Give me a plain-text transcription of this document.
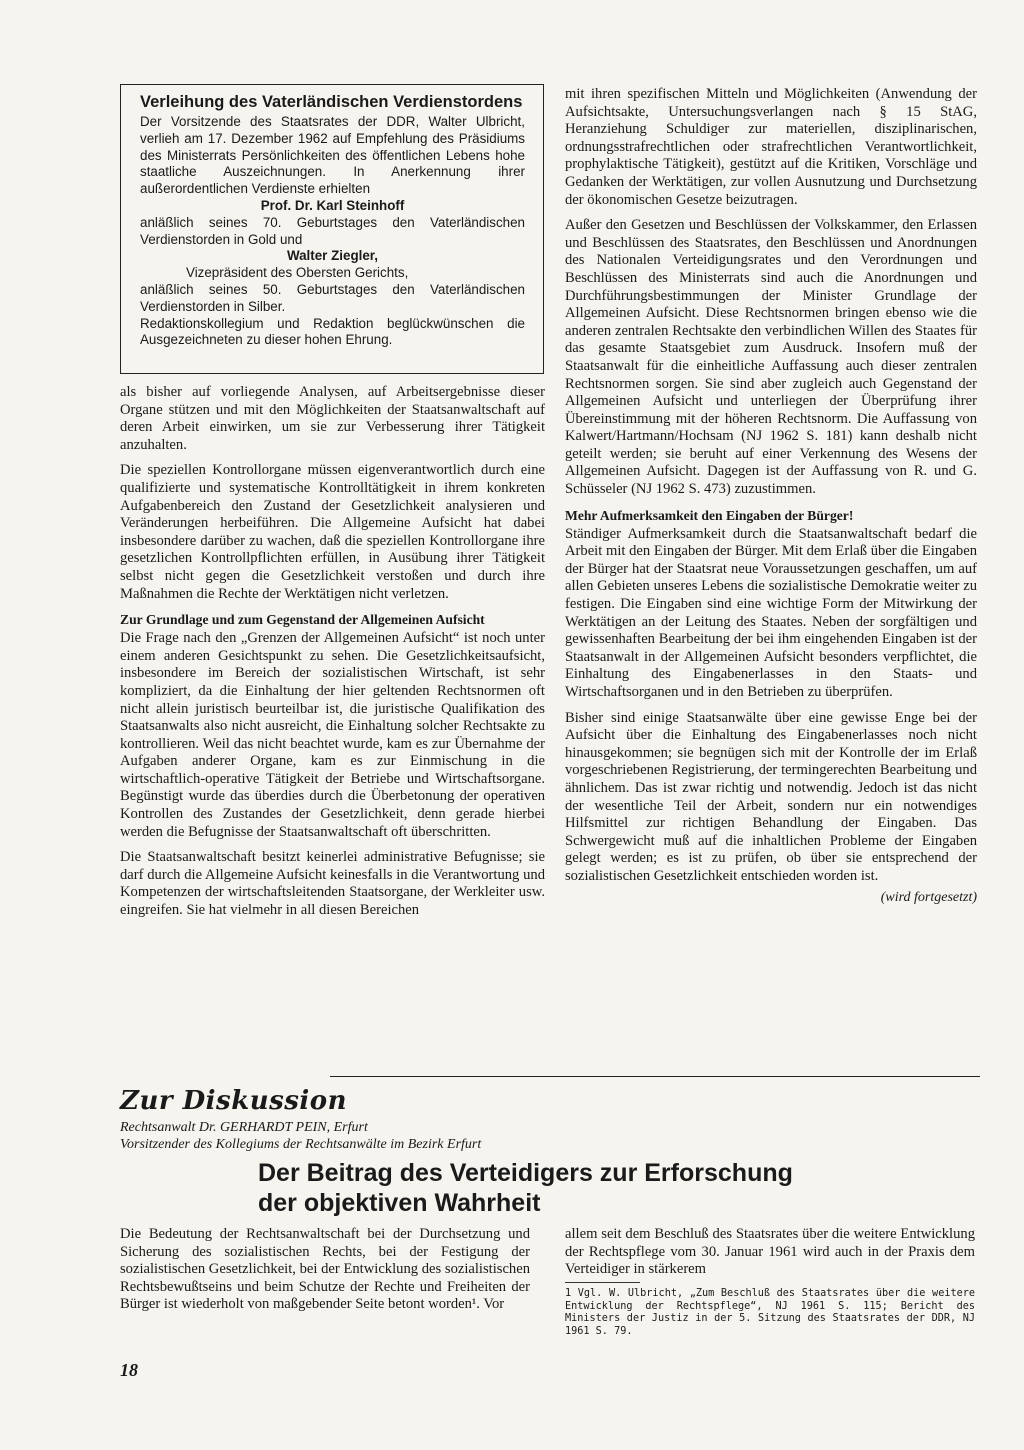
Verleihung des Vaterländischen Verdienstordens

Der Vorsitzende des Staatsrates der DDR, Walter Ulbricht, verlieh am 17. Dezember 1962 auf Empfehlung des Präsidiums des Ministerrats Persönlichkeiten des öffentlichen Lebens hohe staatliche Auszeichnungen. In Anerkennung ihrer außerordentlichen Verdienste erhielten

Prof. Dr. Karl Steinhoff

anläßlich seines 70. Geburtstages den Vaterländischen Verdienstorden in Gold und

Walter Ziegler,

Vizepräsident des Obersten Gerichts,

anläßlich seines 50. Geburtstages den Vaterländischen Verdienstorden in Silber.

Redaktionskollegium und Redaktion beglückwünschen die Ausgezeichneten zu dieser hohen Ehrung.

als bisher auf vorliegende Analysen, auf Arbeitsergebnisse dieser Organe stützen und mit den Möglichkeiten der Staatsanwaltschaft auf deren Arbeit einwirken, um sie zur Verbesserung ihrer Tätigkeit anzuhalten.

Die speziellen Kontrollorgane müssen eigenverantwortlich durch eine qualifizierte und systematische Kontrolltätigkeit in ihrem konkreten Aufgabenbereich den Zustand der Gesetzlichkeit analysieren und Veränderungen herbeiführen. Die Allgemeine Aufsicht hat dabei insbesondere darüber zu wachen, daß die speziellen Kontrollorgane ihre gesetzlichen Kontrollpflichten erfüllen, in Ausübung ihrer Tätigkeit selbst nicht gegen die Gesetzlichkeit verstoßen und durch ihre Maßnahmen die Rechte der Werktätigen nicht verletzen.

Zur Grundlage und zum Gegenstand der Allgemeinen Aufsicht

Die Frage nach den „Grenzen der Allgemeinen Aufsicht“ ist noch unter einem anderen Gesichtspunkt zu sehen. Die Gesetzlichkeitsaufsicht, insbesondere im Bereich der sozialistischen Wirtschaft, ist sehr kompliziert, da die Einhaltung der hier geltenden Rechtsnormen oft nicht allein juristisch beurteilbar ist, die juristische Qualifikation des Staatsanwalts also nicht ausreicht, die Einhaltung solcher Rechtsakte zu kontrollieren. Weil das nicht beachtet wurde, kam es zur Übernahme der Aufgaben anderer Organe, kam es zur Einmischung in die wirtschaftlich-operative Tätigkeit der Betriebe und Wirtschaftsorgane. Begünstigt wurde das überdies durch die Überbetonung der operativen Kontrollen des Zustandes der Gesetzlichkeit, denn gerade hierbei werden die Befugnisse der Staatsanwaltschaft oft überschritten.

Die Staatsanwaltschaft besitzt keinerlei administrative Befugnisse; sie darf durch die Allgemeine Aufsicht keinesfalls in die Verantwortung und Kompetenzen der wirtschaftsleitenden Staatsorgane, der Werkleiter usw. eingreifen. Sie hat vielmehr in all diesen Bereichen

mit ihren spezifischen Mitteln und Möglichkeiten (Anwendung der Aufsichtsakte, Untersuchungsverlangen nach § 15 StAG, Heranziehung Schuldiger zur materiellen, disziplinarischen, ordnungsstrafrechtlichen oder strafrechtlichen Verantwortlichkeit, prophylaktische Tätigkeit), gestützt auf die Kritiken, Vorschläge und Gedanken der Werktätigen, zur vollen Ausnutzung und Durchsetzung der ökonomischen Gesetze beizutragen.

Außer den Gesetzen und Beschlüssen der Volkskammer, den Erlassen und Beschlüssen des Staatsrates, den Beschlüssen und Anordnungen des Nationalen Verteidigungsrates und den Verordnungen und Beschlüssen des Ministerrats sind auch die Anordnungen und Durchführungsbestimmungen der Minister Grundlage der Allgemeinen Aufsicht. Diese Rechtsnormen bringen ebenso wie die anderen zentralen Rechtsakte den verbindlichen Willen des Staates für das gesamte Staatsgebiet zum Ausdruck. Insofern muß der Staatsanwalt für die einheitliche Auffassung auch dieser zentralen Rechtsnormen sorgen. Sie sind aber zugleich auch Gegenstand der Allgemeinen Aufsicht und unterliegen der Überprüfung ihrer Übereinstimmung mit der höheren Rechtsnorm. Die Auffassung von Kalwert/Hartmann/Hochsam (NJ 1962 S. 181) kann deshalb nicht geteilt werden; sie beruht auf einer Verkennung des Wesens der Allgemeinen Aufsicht. Dagegen ist der Auffassung von R. und G. Schüsseler (NJ 1962 S. 473) zuzustimmen.

Mehr Aufmerksamkeit den Eingaben der Bürger!

Ständiger Aufmerksamkeit durch die Staatsanwaltschaft bedarf die Arbeit mit den Eingaben der Bürger. Mit dem Erlaß über die Eingaben der Bürger hat der Staatsrat neue Voraussetzungen geschaffen, um auf allen Gebieten unseres Lebens die sozialistische Demokratie weiter zu festigen. Die Eingaben sind eine wichtige Form der Mitwirkung der Werktätigen an der Leitung des Staates. Neben der sorgfältigen und gewissenhaften Bearbeitung der bei ihm eingehenden Eingaben ist der Staatsanwalt in der Allgemeinen Aufsicht besonders verpflichtet, die Einhaltung des Eingabenerlasses in den Staats- und Wirtschaftsorganen und in den Betrieben zu überprüfen.

Bisher sind einige Staatsanwälte über eine gewisse Enge bei der Aufsicht über die Einhaltung des Eingabenerlasses noch nicht hinausgekommen; sie begnügen sich mit der Kontrolle der im Erlaß vorgeschriebenen Registrierung, der termingerechten Bearbeitung und ähnlichem. Das ist zwar richtig und notwendig. Jedoch ist das nicht der wesentliche Teil der Arbeit, sondern nur ein notwendiges Hilfsmittel zur richtigen Behandlung der Eingaben. Das Schwergewicht muß auf die inhaltlichen Probleme der Eingaben gelegt werden; es ist zu prüfen, ob über sie entsprechend der sozialistischen Gesetzlichkeit entschieden worden ist.

(wird fortgesetzt)

Zur Diskussion
Rechtsanwalt Dr. GERHARDT PEIN, Erfurt
Vorsitzender des Kollegiums der Rechtsanwälte im Bezirk Erfurt
Der Beitrag des Verteidigers zur Erforschung
der objektiven Wahrheit

Die Bedeutung der Rechtsanwaltschaft bei der Durchsetzung und Sicherung des sozialistischen Rechts, bei der Festigung der sozialistischen Gesetzlichkeit, bei der Entwicklung des sozialistischen Rechtsbewußtseins und beim Schutze der Rechte und Freiheiten der Bürger ist wiederholt von maßgebender Seite betont worden¹. Vor

allem seit dem Beschluß des Staatsrates über die weitere Entwicklung der Rechtspflege vom 30. Januar 1961 wird auch in der Praxis dem Verteidiger in stärkerem

1 Vgl. W. Ulbricht, „Zum Beschluß des Staatsrates über die weitere Entwicklung der Rechtspflege“, NJ 1961 S. 115; Bericht des Ministers der Justiz in der 5. Sitzung des Staatsrates der DDR, NJ 1961 S. 79.
18
